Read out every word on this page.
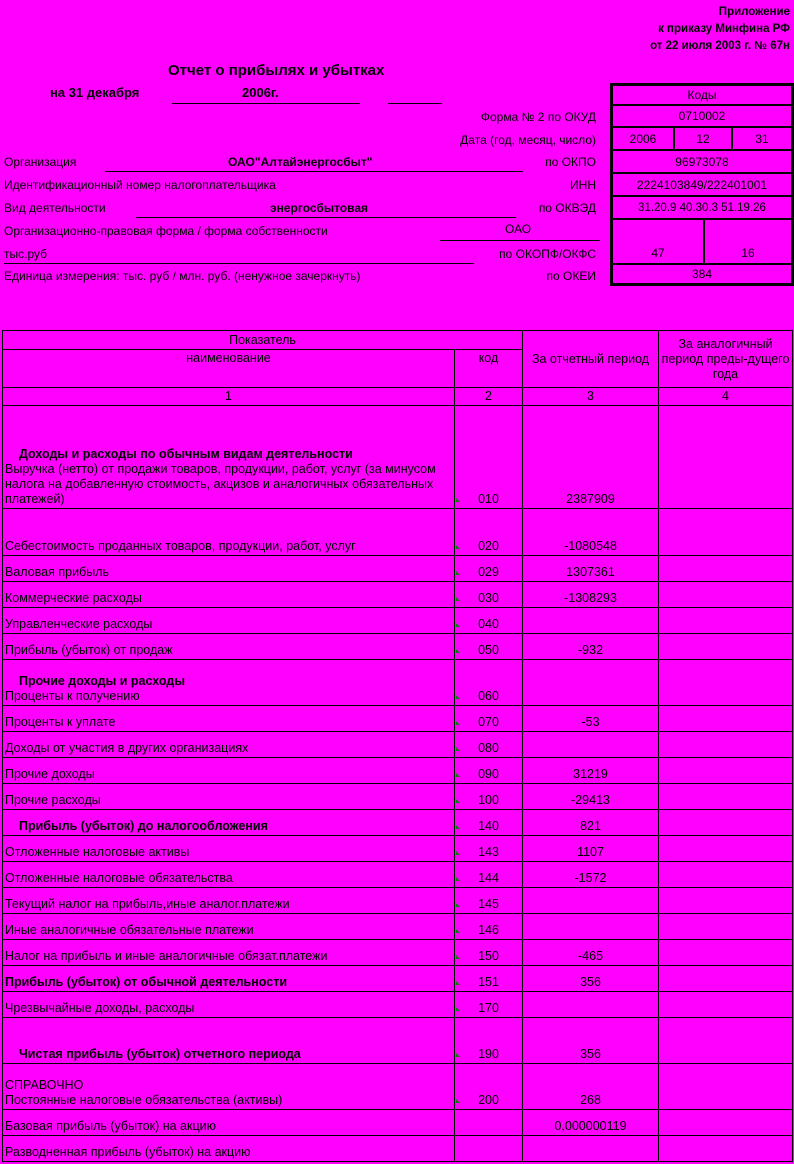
Приложение
к приказу Минфина РФ
от 22 июля 2003 г. № 67н
Отчет о прибылях и убытках
на 31 декабря	2006г.
Форма № 2 по ОКУД
Дата (год, месяц, число)
Организация	ОАО"Алтайэнергосбыт"	по ОКПО
Идентификационный номер налогоплательщика	ИНН
Вид деятельности	энергосбытовая	по ОКВЭД
Организационно-правовая форма / форма собственности	ОАО
тыс.руб	по ОКОПФ/ОКФС
Единица измерения: тыс. руб / млн. руб. (ненужное зачеркнуть)	по ОКЕИ
Коды
0710002
2006	12	31
96973078
2224103849/222401001
31.20.9 40.30.3 51.19.26
47	16
384
Показатель		За отчетный период	За аналогичный период преды-дущего года
наименование	код		
1	2	3	4

Доходы и расходы по обычным видам деятельности
Выручка (нетто) от продажи товаров, продукции, работ, услуг (за минусом налога на добавленную стоимость, акцизов и аналогичных обязательных платежей)	010	2387909	

Себестоимость проданных товаров, продукции, работ, услуг	020	-1080548	

Валовая прибыль	029	1307361	

Коммерческие расходы	030	-1308293	

Управленческие расходы	040

Прибыль (убыток) от продаж	050	-932	

Прочие доходы и расходы
Проценты к получению	060

Проценты к уплате	070	-53	

Доходы от участия в других организациях	080

Прочие доходы	090	31219	

Прочие расходы	100	-29413	

Прибыль (убыток) до налогообложения	140	821	

Отложенные налоговые активы	143	1107	

Отложенные налоговые обязательства	144	-1572	

Текущий налог на прибыль,иные аналог.платежи	145

Иные аналогичные обязательные платежи	146

Налог на прибыль и иные аналогичные обязат.платежи	150	-465	

Прибыль (убыток) от обычной деятельности	151	356	

Чрезвычайные доходы, расходы	170

Чистая прибыль (убыток) отчетного периода	190	356	

СПРАВОЧНО
Постоянные налоговые обязательства (активы)	200	268	

Базовая прибыль (убыток) на акцию		0,000000119	

Разводненная прибыль (убыток) на акцию			
